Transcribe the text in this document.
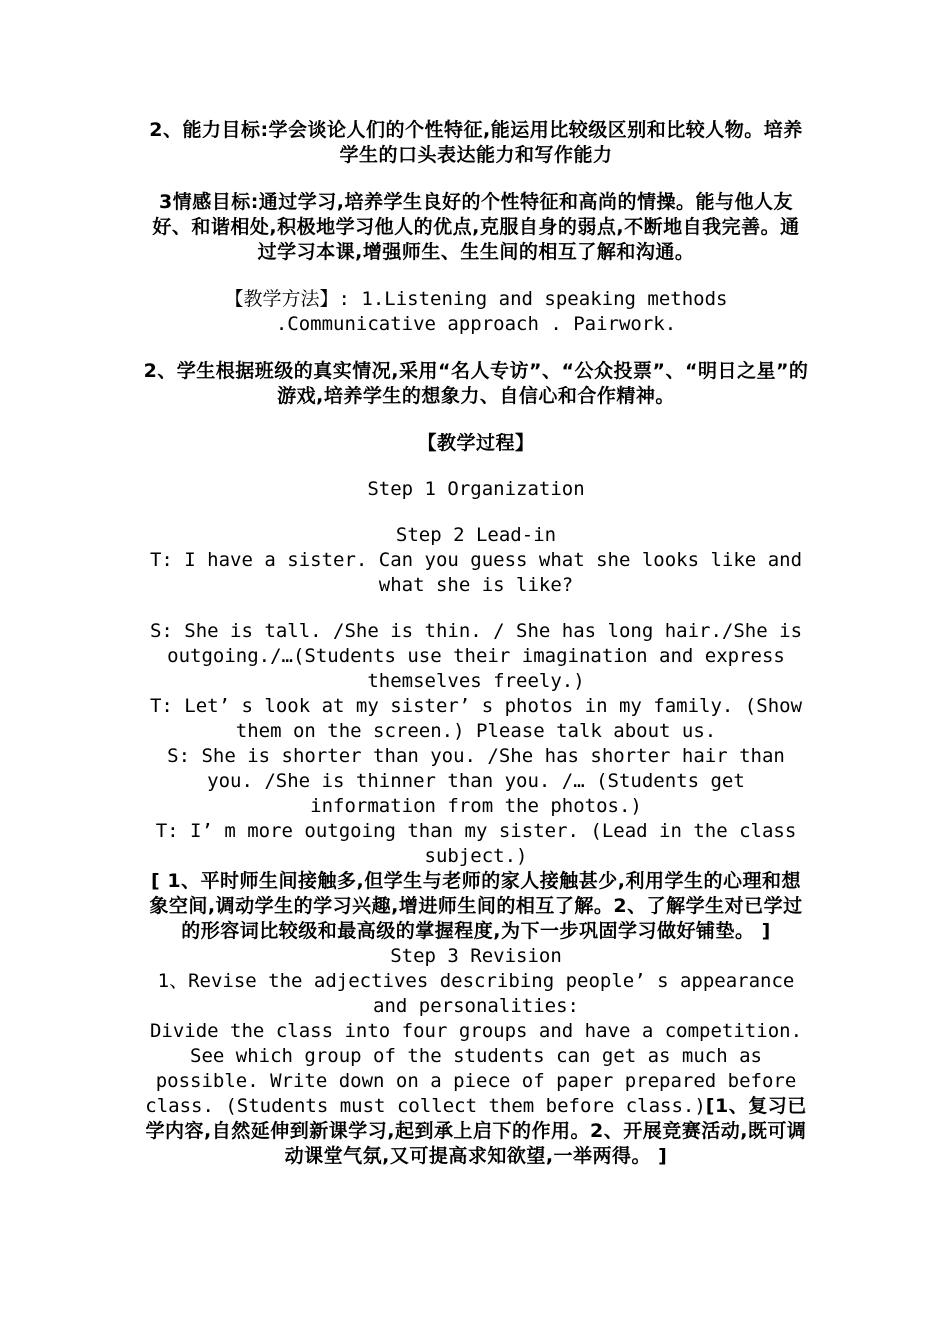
2、能力目标:学会谈论人们的个性特征,能运用比较级区别和比较人物。培养学生的口头表达能力和写作能力

3情感目标:通过学习,培养学生良好的个性特征和高尚的情操。能与他人友好、和谐相处,积极地学习他人的优点,克服自身的弱点,不断地自我完善。通过学习本课,增强师生、生生间的相互了解和沟通。

【教学方法】: 1.Listening and speaking methods .Communicative approach . Pairwork.

2、学生根据班级的真实情况,采用“名人专访”、“公众投票”、“明日之星”的游戏,培养学生的想象力、自信心和合作精神。

【教学过程】

Step 1 Organization

Step 2 Lead-in

T: I have a sister. Can you guess what she looks like and what she is like?

S: She is tall. /She is thin. / She has long hair./She is outgoing./…(Students use their imagination and express themselves freely.)

T: Let’ s look at my sister’ s photos in my family. (Show them on the screen.) Please talk about us.

S: She is shorter than you. /She has shorter hair than you. /She is thinner than you. /… (Students get information from the photos.)

T: I’ m more outgoing than my sister. (Lead in the class subject.)

[ 1、平时师生间接触多,但学生与老师的家人接触甚少,利用学生的心理和想象空间,调动学生的学习兴趣,增进师生间的相互了解。2、了解学生对已学过的形容词比较级和最高级的掌握程度,为下一步巩固学习做好铺垫。 ]

Step 3 Revision

1、Revise the adjectives describing people’ s appearance and personalities:

Divide the class into four groups and have a competition. See which group of the students can get as much as possible. Write down on a piece of paper prepared before class. (Students must collect them before class.)[1、复习已学内容,自然延伸到新课学习,起到承上启下的作用。2、开展竞赛活动,既可调动课堂气氛,又可提高求知欲望,一举两得。 ]
